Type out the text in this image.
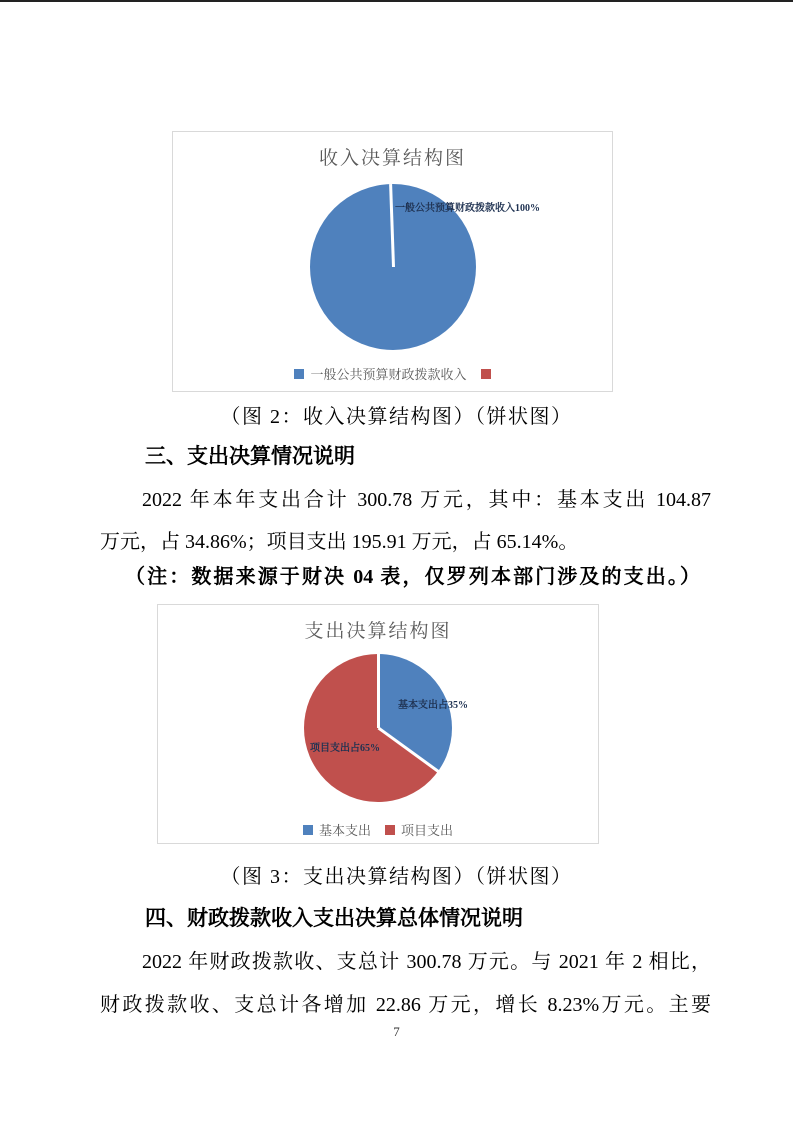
收入决算结构图
一般公共预算财政拨款收入100%
一般公共预算财政拨款收入
（图 2：收入决算结构图）（饼状图）
三、支出决算情况说明
2022 年本年支出合计 300.78 万元，其中：基本支出 104.87
万元，占 34.86%；项目支出 195.91 万元，占 65.14%。
（注：数据来源于财决 04 表，仅罗列本部门涉及的支出。）
支出决算结构图
基本支出占35%
项目支出占65%
基本支出 项目支出
（图 3：支出决算结构图）（饼状图）
四、财政拨款收入支出决算总体情况说明
2022 年财政拨款收、支总计 300.78 万元。与 2021 年 2 相比，
财政拨款收、支总计各增加 22.86 万元，增长 8.23%万元。主要
7
